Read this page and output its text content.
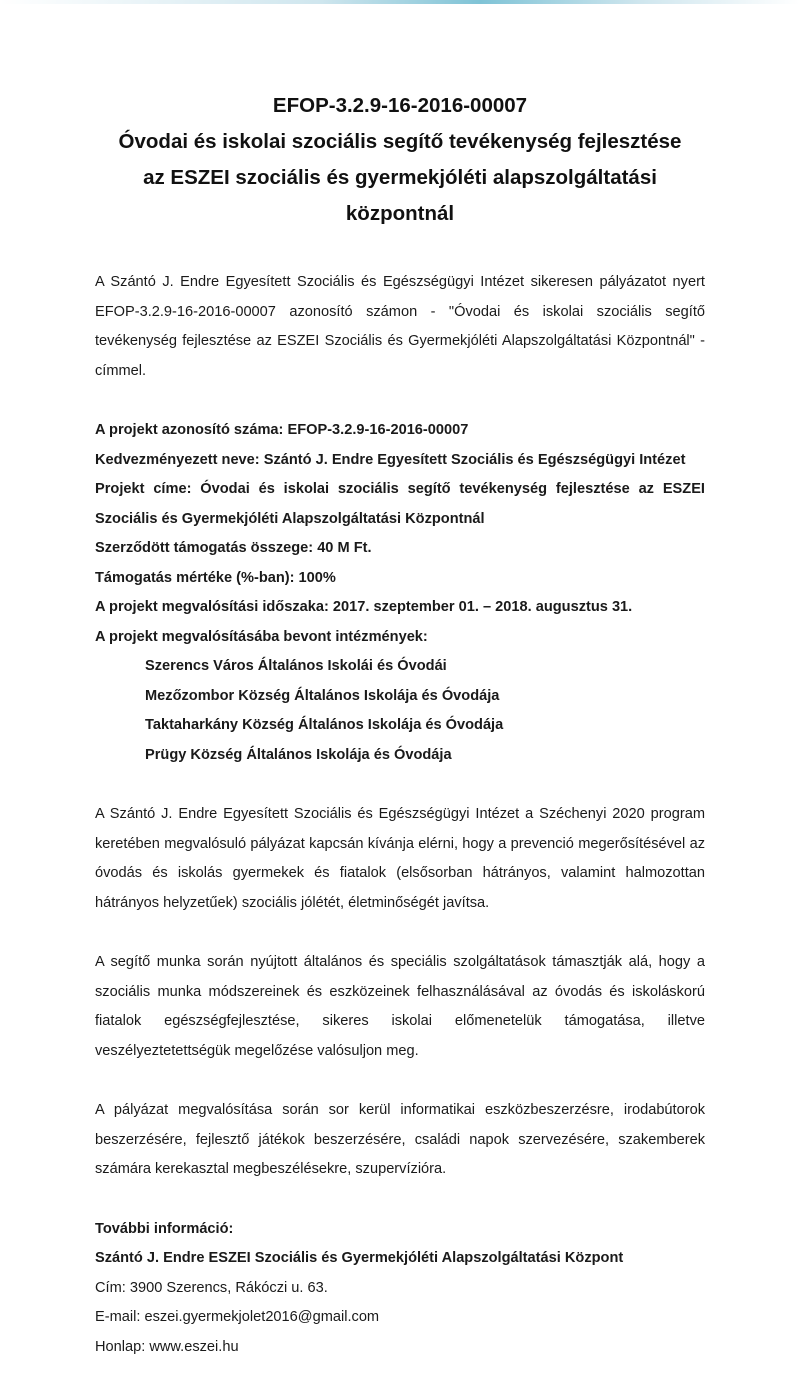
EFOP-3.2.9-16-2016-00007
Óvodai és iskolai szociális segítő tevékenység fejlesztése
az ESZEI szociális és gyermekjóléti alapszolgáltatási
központnál

A Szántó J. Endre Egyesített Szociális és Egészségügyi Intézet sikeresen pályázatot nyert EFOP-3.2.9-16-2016-00007 azonosító számon - "Óvodai és iskolai szociális segítő tevékenység fejlesztése az ESZEI Szociális és Gyermekjóléti Alapszolgáltatási Központnál" - címmel.

A projekt azonosító száma: EFOP-3.2.9-16-2016-00007
Kedvezményezett neve: Szántó J. Endre Egyesített Szociális és Egészségügyi Intézet
Projekt címe: Óvodai és iskolai szociális segítő tevékenység fejlesztése az ESZEI Szociális és Gyermekjóléti Alapszolgáltatási Központnál
Szerződött támogatás összege: 40 M Ft.
Támogatás mértéke (%-ban): 100%
A projekt megvalósítási időszaka: 2017. szeptember 01. – 2018. augusztus 31.
A projekt megvalósításába bevont intézmények:
Szerencs Város Általános Iskolái és Óvodái
Mezőzombor Község Általános Iskolája és Óvodája
Taktaharkány Község Általános Iskolája és Óvodája
Prügy Község Általános Iskolája és Óvodája

A Szántó J. Endre Egyesített Szociális és Egészségügyi Intézet a Széchenyi 2020 program keretében megvalósuló pályázat kapcsán kívánja elérni, hogy a prevenció megerősítésével az óvodás és iskolás gyermekek és fiatalok (elsősorban hátrányos, valamint halmozottan hátrányos helyzetűek) szociális jólétét, életminőségét javítsa.

A segítő munka során nyújtott általános és speciális szolgáltatások támasztják alá, hogy a szociális munka módszereinek és eszközeinek felhasználásával az óvodás és iskoláskorú fiatalok egészségfejlesztése, sikeres iskolai előmenetelük támogatása, illetve veszélyeztetettségük megelőzése valósuljon meg.

A pályázat megvalósítása során sor kerül informatikai eszközbeszerzésre, irodabútorok beszerzésére, fejlesztő játékok beszerzésére, családi napok szervezésére, szakemberek számára kerekasztal megbeszélésekre, szupervízióra.

További információ:
Szántó J. Endre ESZEI Szociális és Gyermekjóléti Alapszolgáltatási Központ
Cím: 3900 Szerencs, Rákóczi u. 63.
E-mail: eszei.gyermekjolet2016@gmail.com
Honlap: www.eszei.hu
